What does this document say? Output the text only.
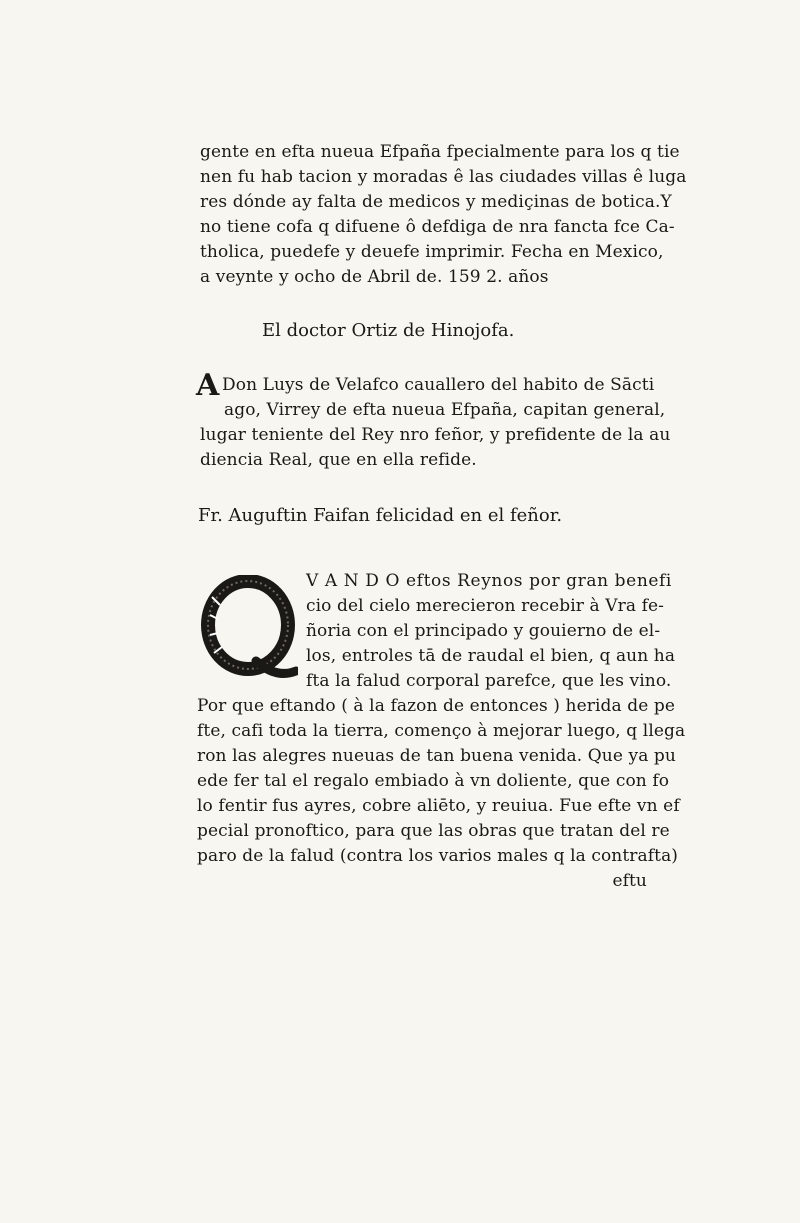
gente en efta nueua Efpaña fpecialmente para los q tie
nen fu hab tacion y moradas ê las ciudades villas ê luga
res dónde ay falta de medicos y mediçinas de botica.Y
no tiene cofa q difuene ô defdiga de nra fancta fce Ca-
tholica, puedefe y deuefe imprimir. Fecha en Mexico,
a veynte y ocho de Abril de. 159 2. años
El doctor Ortiz de Hinojofa.
A Don Luys de Velafco cauallero del habito de Sācti
ago, Virrey de efta nueua Efpaña, capitan general,
lugar teniente del Rey nro feñor, y prefidente de la au
diencia Real, que en ella refide.
Fr. Auguftin Faifan felicidad en el feñor.
V A N D O eftos Reynos por gran benefi
cio del cielo merecieron recebir à Vra fe-
ñoria con el principado y gouierno de el-
los, entroles tā de raudal el bien, q aun ha
fta la falud corporal parefce, que les vino.
Por que eftando ( à la fazon de entonces ) herida de pe
fte, cafi toda la tierra, començo à mejorar luego, q llega
ron las alegres nueuas de tan buena venida. Que ya pu
ede fer tal el regalo embiado à vn doliente, que con fo
lo fentir fus ayres, cobre aliēto, y reuiua. Fue efte vn ef
pecial pronoftico, para que las obras que tratan del re
paro de la falud (contra los varios males q la contrafta)
eftu
